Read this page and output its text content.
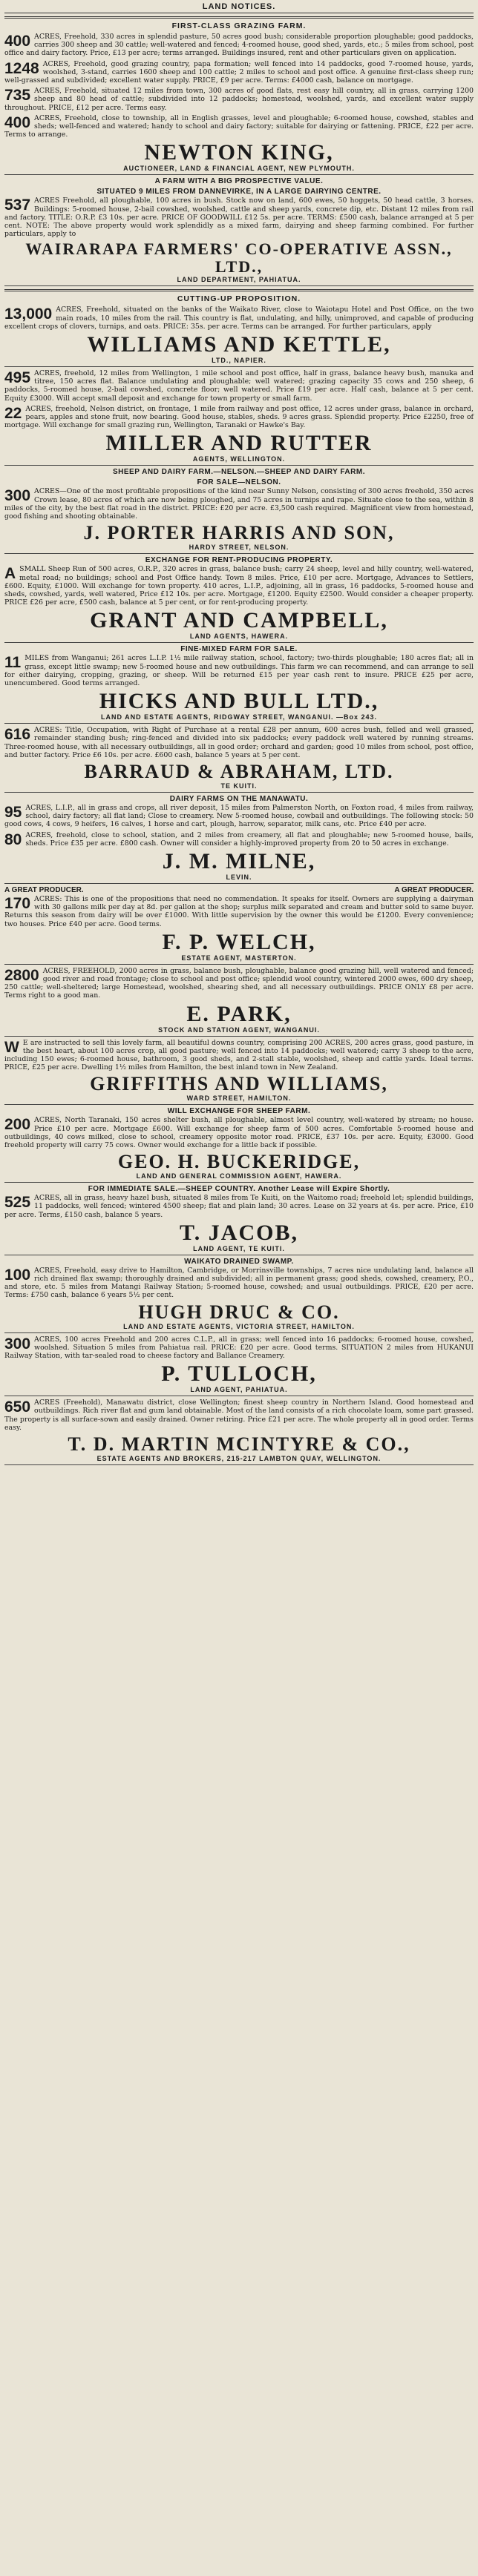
LAND NOTICES.
FIRST-CLASS GRAZING FARM.
400 ACRES, Freehold, 330 acres in splendid pasture, 50 acres good bush; considerable proportion ploughable; good paddocks, carries 300 sheep and 30 cattle; well-watered and fenced; 4-roomed house, good shed, yards, etc.; 5 miles from school, post office and dairy factory. Price, £13 per acre; terms arranged. Buildings insured, rent and other particulars given on application.
1248 ACRES, Freehold, good grazing country, papa formation; well fenced into 14 paddocks, good 7-roomed house, yards, woolshed, 3-stand, carries 1600 sheep and 100 cattle; 2 miles to school and post office. A genuine first-class sheep run; well-grassed and subdivided; excellent water supply. PRICE, £9 per acre. Terms: £4000 cash, balance on mortgage.
735 ACRES, Freehold, situated 12 miles from town, 300 acres of good flats, rest easy hill country, all in grass, carrying 1200 sheep and 80 head of cattle; subdivided into 12 paddocks; homestead, woolshed, yards, and excellent water supply throughout. PRICE, £12 per acre. Terms easy.
400 ACRES, Freehold, close to township, all in English grasses, level and ploughable; 6-roomed house, cowshed, stables and sheds; well-fenced and watered; handy to school and dairy factory; suitable for dairying or fattening. PRICE, £22 per acre. Terms to arrange.
NEWTON KING,
AUCTIONEER, LAND & FINANCIAL AGENT, NEW PLYMOUTH.
A FARM WITH A BIG PROSPECTIVE VALUE.
SITUATED 9 MILES FROM DANNEVIRKE, IN A LARGE DAIRYING CENTRE.
537 ACRES Freehold, all ploughable, 100 acres in bush. Stock now on land, 600 ewes, 50 hoggets, 50 head cattle, 3 horses. Buildings: 5-roomed house, 2-bail cowshed, woolshed, cattle and sheep yards, concrete dip, etc. Distant 12 miles from rail and factory. TITLE: O.R.P. £3 10s. per acre. PRICE OF GOODWILL £12 5s. per acre. TERMS: £500 cash, balance arranged at 5 per cent. NOTE: The above property would work splendidly as a mixed farm, dairying and sheep farming combined. For further particulars, apply to
WAIRARAPA FARMERS' CO-OPERATIVE ASSN., LTD.,
LAND DEPARTMENT, PAHIATUA.
CUTTING-UP PROPOSITION.
13,000 ACRES, Freehold, situated on the banks of the Waikato River, close to Waiotapu Hotel and Post Office, on the two main roads, 10 miles from the rail. This country is flat, undulating, and hilly, unimproved, and capable of producing excellent crops of clovers, turnips, and oats. PRICE: 35s. per acre. Terms can be arranged. For further particulars, apply
WILLIAMS AND KETTLE,
LTD., NAPIER.
495 ACRES, freehold, 12 miles from Wellington, 1 mile school and post office, half in grass, balance heavy bush, manuka and titree, 150 acres flat. Balance undulating and ploughable; well watered; grazing capacity 35 cows and 250 sheep, 6 paddocks, 5-roomed house, 2-bail cowshed, concrete floor; well watered. Price £19 per acre. Half cash, balance at 5 per cent. Equity £3000. Will accept small deposit and exchange for town property or small farm.
22 ACRES, freehold, Nelson district, on frontage, 1 mile from railway and post office, 12 acres under grass, balance in orchard, pears, apples and stone fruit, now bearing. Good house, stables, sheds. 9 acres grass. Splendid property. Price £2250, free of mortgage. Will exchange for small grazing run, Wellington, Taranaki or Hawke's Bay.
MILLER AND RUTTER
AGENTS, WELLINGTON.
SHEEP AND DAIRY FARM.—NELSON.—SHEEP AND DAIRY FARM.
FOR SALE—NELSON.
300 ACRES—One of the most profitable propositions of the kind near Sunny Nelson, consisting of 300 acres freehold, 350 acres Crown lease, 80 acres of which are now being ploughed, and 75 acres in turnips and rape. Situate close to the sea, within 8 miles of the city, by the best flat road in the district. PRICE: £20 per acre. £3,500 cash required. Magnificent view from homestead, good fishing and shooting obtainable.
J. PORTER HARRIS AND SON,
HARDY STREET, NELSON.
EXCHANGE FOR RENT-PRODUCING PROPERTY.
ASMALL Sheep Run of 500 acres, O.R.P., 320 acres in grass, balance bush; carry 24 sheep, level and hilly country, well-watered, metal road; no buildings; school and Post Office handy. Town 8 miles. Price, £10 per acre. Mortgage, Advances to Settlers, £600. Equity, £1000. Will exchange for town property. 410 acres, L.I.P., adjoining, all in grass, 16 paddocks, 5-roomed house and sheds, cowshed, yards, well watered, Price £12 10s. per acre. Mortgage, £1200. Equity £2500. Would consider a cheaper property. PRICE £26 per acre, £500 cash, balance at 5 per cent, or for rent-producing property.
GRANT AND CAMPBELL,
LAND AGENTS, HAWERA.
FINE-MIXED FARM FOR SALE.
11 MILES from Wanganui; 261 acres L.I.P. 1½ mile railway station, school, factory; two-thirds ploughable; 180 acres flat; all in grass, except little swamp; new 5-roomed house and new outbuildings. This farm we can recommend, and can arrange to sell for either dairying, cropping, grazing, or sheep. Will be returned £15 per year cash rent to insure. PRICE £25 per acre, unencumbered. Good terms arranged.
HICKS AND BULL LTD.,
LAND AND ESTATE AGENTS, RIDGWAY STREET, WANGANUI. —Box 243.
616 ACRES: Title, Occupation, with Right of Purchase at a rental £28 per annum, 600 acres bush, felled and well grassed, remainder standing bush; ring-fenced and divided into six paddocks; every paddock well watered by running streams. Three-roomed house, with all necessary outbuildings, all in good order; orchard and garden; good 10 miles from school, post office, and butter factory. Price £6 10s. per acre. £600 cash, balance 5 years at 5 per cent.
BARRAUD & ABRAHAM, LTD.
TE KUITI.
DAIRY FARMS ON THE MANAWATU.
95 ACRES, L.I.P., all in grass and crops, all river deposit, 15 miles from Palmerston North, on Foxton road, 4 miles from railway, school, dairy factory; all flat land; Close to creamery. New 5-roomed house, cowbail and outbuildings. The following stock: 50 good cows, 4 cows, 9 heifers, 16 calves, 1 horse and cart, plough, harrow, separator, milk cans, etc. Price £40 per acre.
80 ACRES, freehold, close to school, station, and 2 miles from creamery, all flat and ploughable; new 5-roomed house, bails, sheds. Price £35 per acre. £800 cash. Owner will consider a highly-improved property from 20 to 50 acres in exchange.
J. M. MILNE,
LEVIN.
A GREAT PRODUCER.	A GREAT PRODUCER.
170 ACRES: This is one of the propositions that need no commendation. It speaks for itself. Owners are supplying a dairyman with 30 gallons milk per day at 8d. per gallon at the shop; surplus milk separated and cream and butter sold to same buyer. Returns this season from dairy will be over £1000. With little supervision by the owner this would be £1200. Every convenience; two houses. Price £40 per acre. Good terms.
F. P. WELCH,
ESTATE AGENT, MASTERTON.
2800 ACRES, FREEHOLD, 2000 acres in grass, balance bush, ploughable, balance good grazing hill, well watered and fenced; good river and road frontage; close to school and post office; splendid wool country, wintered 2000 ewes, 600 dry sheep, 250 cattle; well-sheltered; large Homestead, woolshed, shearing shed, and all necessary outbuildings. PRICE ONLY £8 per acre. Terms right to a good man.
E. PARK,
STOCK AND STATION AGENT, WANGANUI.
W E are instructed to sell this lovely farm, all beautiful downs country, comprising 200 ACRES, 200 acres grass, good pasture, in the best heart, about 100 acres crop, all good pasture; well fenced into 14 paddocks; well watered; carry 3 sheep to the acre, including 150 ewes; 6-roomed house, bathroom, 3 good sheds, and 2-stall stable, woolshed, sheep and cattle yards. Ideal terms. PRICE, £25 per acre. Dwelling 1½ miles from Hamilton, the best inland town in New Zealand.
GRIFFITHS AND WILLIAMS,
WARD STREET, HAMILTON.
WILL EXCHANGE FOR SHEEP FARM.
200 ACRES, North Taranaki, 150 acres shelter bush, all ploughable, almost level country, well-watered by stream; no house. Price £10 per acre. Mortgage £600. Will exchange for sheep farm of 500 acres. Comfortable 5-roomed house and outbuildings, 40 cows milked, close to school, creamery opposite motor road. PRICE, £37 10s. per acre. Equity, £3000. Good freehold property will carry 75 cows. Owner would exchange for a little back if possible.
GEO. H. BUCKERIDGE,
LAND AND GENERAL COMMISSION AGENT, HAWERA.
FOR IMMEDIATE SALE.—SHEEP COUNTRY. Another Lease will Expire Shortly.
525 ACRES, all in grass, heavy hazel bush, situated 8 miles from Te Kuiti, on the Waitomo road; freehold let; splendid buildings, 11 paddocks, well fenced; wintered 4500 sheep; flat and plain land; 30 acres. Lease on 32 years at 4s. per acre. Price, £10 per acre. Terms, £150 cash, balance 5 years.
T. JACOB,
LAND AGENT, TE KUITI.
WAIKATO DRAINED SWAMP.
100 ACRES, Freehold, easy drive to Hamilton, Cambridge, or Morrinsville townships, 7 acres nice undulating land, balance all rich drained flax swamp; thoroughly drained and subdivided; all in permanent grass; good sheds, cowshed, creamery, P.O., and store, etc. 5 miles from Matangi Railway Station; 5-roomed house, cowshed; and usual outbuildings. PRICE, £20 per acre. Terms: £750 cash, balance 6 years 5½ per cent.
HUGH DRUC & CO.
LAND AND ESTATE AGENTS, VICTORIA STREET, HAMILTON.
300 ACRES, 100 acres Freehold and 200 acres C.L.P., all in grass; well fenced into 16 paddocks; 6-roomed house, cowshed, woolshed. Situation 5 miles from Pahiatua rail. PRICE: £20 per acre. Good terms. SITUATION 2 miles from HUKANUI Railway Station, with tar-sealed road to cheese factory and Ballance Creamery.
P. TULLOCH,
LAND AGENT, PAHIATUA.
650 ACRES (Freehold), Manawatu district, close Wellington; finest sheep country in Northern Island. Good homestead and outbuildings. Rich river flat and gum land obtainable. Most of the land consists of a rich chocolate loam, some part grassed. The property is all surface-sown and easily drained. Owner retiring. Price £21 per acre. The whole property all in good order. Terms easy.
T. D. MARTIN MCINTYRE & CO.,
ESTATE AGENTS AND BROKERS, 215-217 LAMBTON QUAY, WELLINGTON.
